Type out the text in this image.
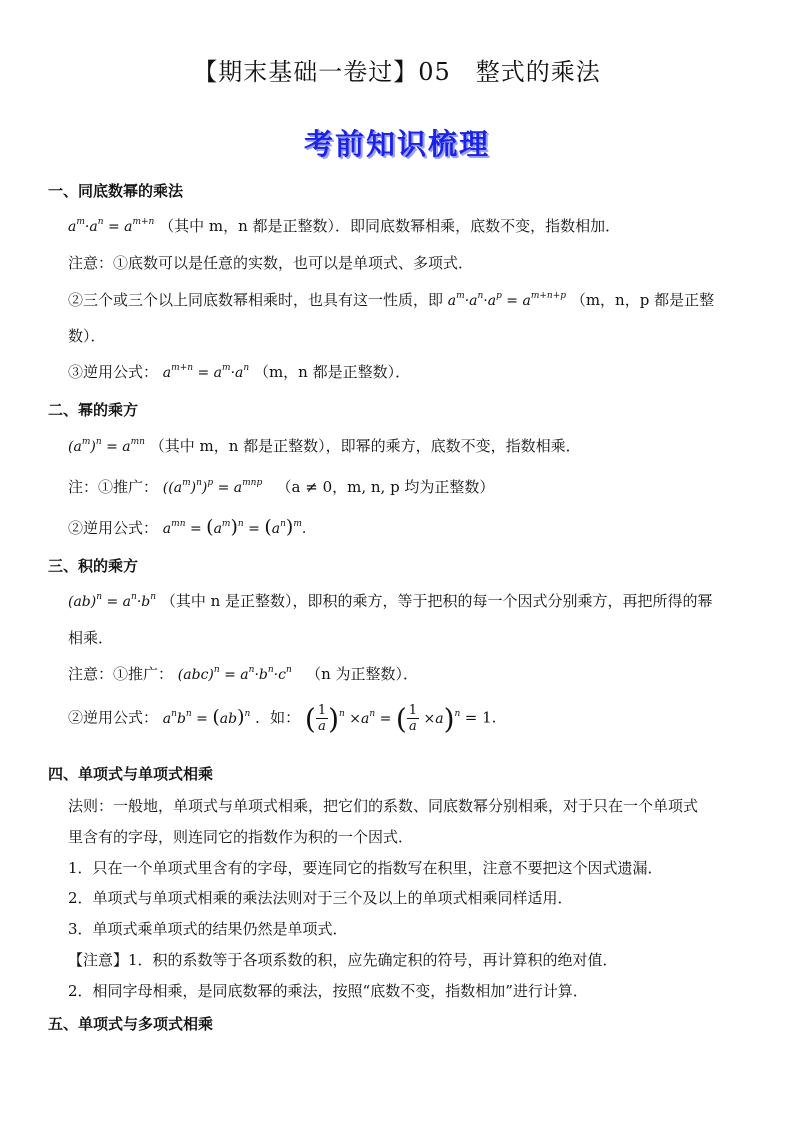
【期末基础一卷过】05　整式的乘法
考前知识梳理
一、同底数幂的乘法
$a^m\cdot a^n = a^{m+n}$ （其中 m，n 都是正整数）．即同底数幂相乘，底数不变，指数相加．
注意：①底数可以是任意的实数，也可以是单项式、多项式．
②三个或三个以上同底数幂相乘时，也具有这一性质，即 $a^m\cdot a^n\cdot a^p = a^{m+n+p}$ （m，n，p 都是正整
数）．
③逆用公式： $a^{m+n} = a^m\cdot a^n$ （m，n 都是正整数）．
二、幂的乘方
$(a^m)^n = a^{mn}$ （其中 m，n 都是正整数），即幂的乘方，底数不变，指数相乘．
注：①推广： $((a^m)^n)^p = a^{mnp}$ （a ≠ 0，m, n, p 均为正整数）
②逆用公式： $a^{mn} = (a^m)^n = (a^n)^m$.
三、积的乘方
$(ab)^n = a^n\cdot b^n$ （其中 n 是正整数），即积的乘方，等于把积的每一个因式分别乘方，再把所得的幂
相乘．
注意：①推广： $(abc)^n = a^n\cdot b^n\cdot c^n$ （n 为正整数）．
②逆用公式： $a^nb^n = (ab)^n$ ．如： ( $\frac{1}{a} )^n \times a^n$ = ( $\frac{1}{a} \times a)^n = 1$.
四、单项式与单项式相乘
法则：一般地，单项式与单项式相乘，把它们的系数、同底数幂分别相乘，对于只在一个单项式
里含有的字母，则连同它的指数作为积的一个因式．
1．只在一个单项式里含有的字母，要连同它的指数写在积里，注意不要把这个因式遗漏．
2．单项式与单项式相乘的乘法法则对于三个及以上的单项式相乘同样适用．
3．单项式乘单项式的结果仍然是单项式．
【注意】1．积的系数等于各项系数的积，应先确定积的符号，再计算积的绝对值．
2．相同字母相乘，是同底数幂的乘法，按照“底数不变，指数相加”进行计算．
五、单项式与多项式相乘
